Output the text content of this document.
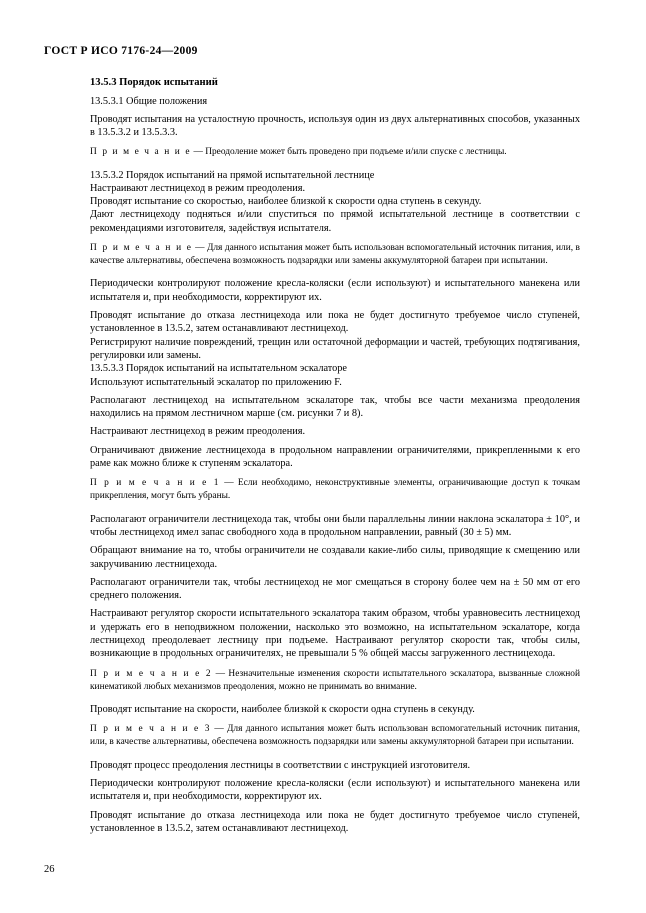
ГОСТ Р ИСО 7176-24—2009

13.5.3 Порядок испытаний

13.5.3.1 Общие положения

Проводят испытания на усталостную прочность, используя один из двух альтернативных способов, указанных в 13.5.3.2 и 13.5.3.3.

П р и м е ч а н и е — Преодоление может быть проведено при подъеме и/или спуске с лестницы.

13.5.3.2 Порядок испытаний на прямой испытательной лестнице

Настраивают лестницеход в режим преодоления.

Проводят испытание со скоростью, наиболее близкой к скорости одна ступень в секунду.

Дают лестницеходу подняться и/или спуститься по прямой испытательной лестнице в соответствии с рекомендациями изготовителя, задействуя испытателя.

П р и м е ч а н и е — Для данного испытания может быть использован вспомогательный источник питания, или, в качестве альтернативы, обеспечена возможность подзарядки или замены аккумуляторной батареи при испытании.

Периодически контролируют положение кресла-коляски (если используют) и испытательного манекена или испытателя и, при необходимости, корректируют их.

Проводят испытание до отказа лестницехода или пока не будет достигнуто требуемое число ступеней, установленное в 13.5.2, затем останавливают лестницеход.

Регистрируют наличие повреждений, трещин или остаточной деформации и частей, требующих подтягивания, регулировки или замены.

13.5.3.3 Порядок испытаний на испытательном эскалаторе

Используют испытательный эскалатор по приложению F.

Располагают лестницеход на испытательном эскалаторе так, чтобы все части механизма преодоления находились на прямом лестничном марше (см. рисунки 7 и 8).

Настраивают лестницеход в режим преодоления.

Ограничивают движение лестницехода в продольном направлении ограничителями, прикрепленными к его раме как можно ближе к ступеням эскалатора.

П р и м е ч а н и е 1 — Если необходимо, неконструктивные элементы, ограничивающие доступ к точкам прикрепления, могут быть убраны.

Располагают ограничители лестницехода так, чтобы они были параллельны линии наклона эскалатора ± 10°, и чтобы лестницеход имел запас свободного хода в продольном направлении, равный (30 ± 5) мм.

Обращают внимание на то, чтобы ограничители не создавали какие-либо силы, приводящие к смещению или закручиванию лестницехода.

Располагают ограничители так, чтобы лестницеход не мог смещаться в сторону более чем на ± 50 мм от его среднего положения.

Настраивают регулятор скорости испытательного эскалатора таким образом, чтобы уравновесить лестницеход и удержать его в неподвижном положении, насколько это возможно, на испытательном эскалаторе, когда лестницеход преодолевает лестницу при подъеме. Настраивают регулятор скорости так, чтобы силы, возникающие в продольных ограничителях, не превышали 5 % общей массы загруженного лестницехода.

П р и м е ч а н и е 2 — Незначительные изменения скорости испытательного эскалатора, вызванные сложной кинематикой любых механизмов преодоления, можно не принимать во внимание.

Проводят испытание на скорости, наиболее близкой к скорости одна ступень в секунду.

П р и м е ч а н и е 3 — Для данного испытания может быть использован вспомогательный источник питания, или, в качестве альтернативы, обеспечена возможность подзарядки или замены аккумуляторной батареи при испытании.

Проводят процесс преодоления лестницы в соответствии с инструкцией изготовителя.

Периодически контролируют положение кресла-коляски (если используют) и испытательного манекена или испытателя и, при необходимости, корректируют их.

Проводят испытание до отказа лестницехода или пока не будет достигнуто требуемое число ступеней, установленное в 13.5.2, затем останавливают лестницеход.

26
